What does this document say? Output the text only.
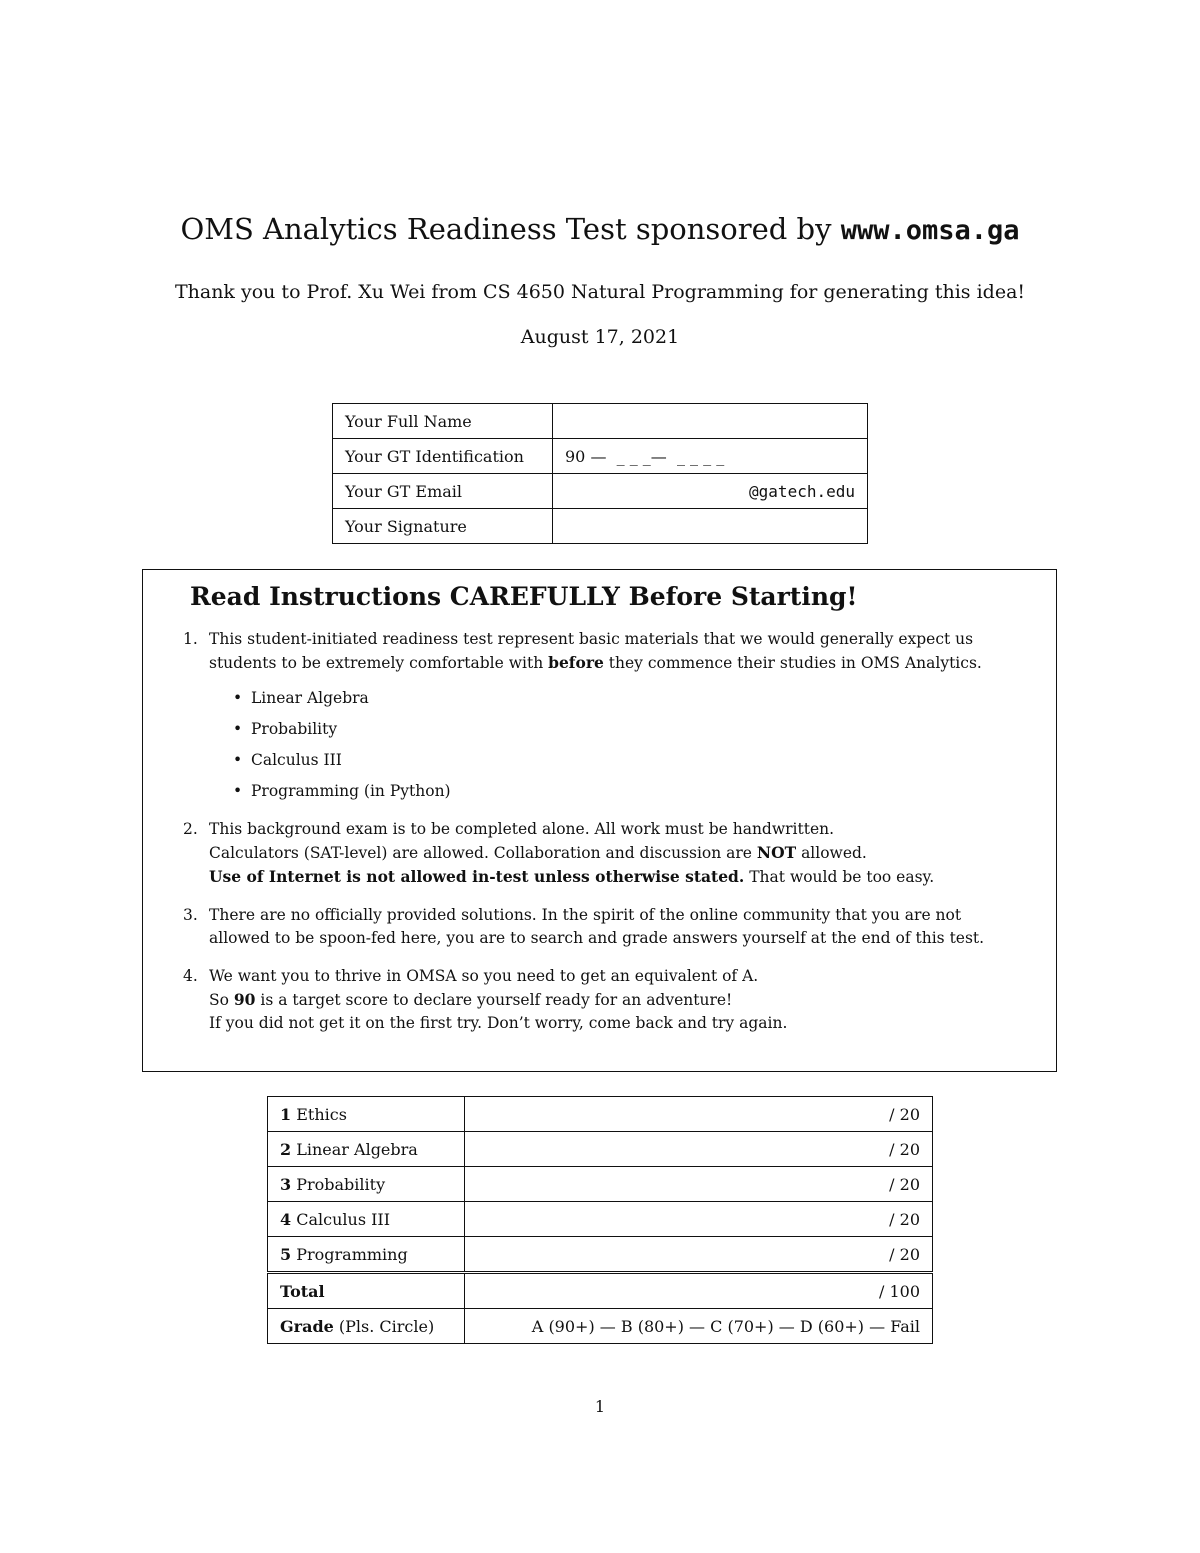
OMS Analytics Readiness Test sponsored by www.omsa.ga
Thank you to Prof. Xu Wei from CS 4650 Natural Programming for generating this idea!
August 17, 2021
Your Full Name	
Your GT Identification	90 —  _ _ _—  _ _ _ _
Your GT Email	@gatech.edu
Your Signature	
Read Instructions CAREFULLY Before Starting!
1. This student-initiated readiness test represent basic materials that we would generally expect us
students to be extremely comfortable with before they commence their studies in OMS Analytics.
• Linear Algebra
• Probability
• Calculus III
• Programming (in Python)
2. This background exam is to be completed alone. All work must be handwritten.
Calculators (SAT-level) are allowed. Collaboration and discussion are NOT allowed.
Use of Internet is not allowed in-test unless otherwise stated. That would be too easy.
3. There are no officially provided solutions. In the spirit of the online community that you are not
allowed to be spoon-fed here, you are to search and grade answers yourself at the end of this test.
4. We want you to thrive in OMSA so you need to get an equivalent of A.
So 90 is a target score to declare yourself ready for an adventure!
If you did not get it on the first try. Don’t worry, come back and try again.
1 Ethics	/ 20
2 Linear Algebra	/ 20
3 Probability	/ 20
4 Calculus III	/ 20
5 Programming	/ 20
Total	/ 100
Grade (Pls. Circle)	A (90+) — B (80+) — C (70+) — D (60+) — Fail
1
